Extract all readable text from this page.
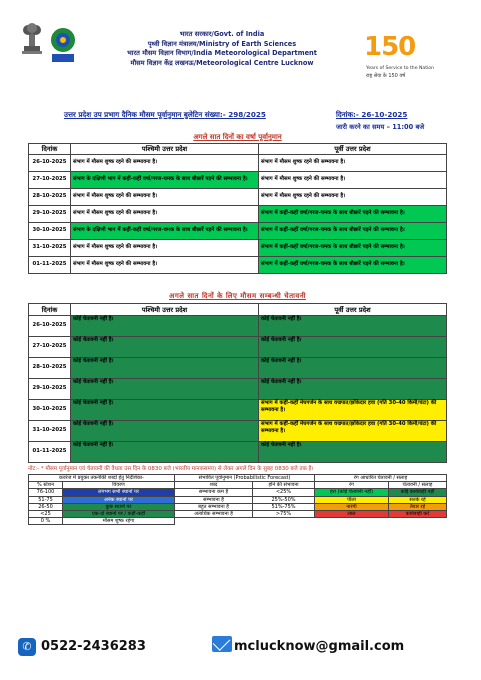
भारत सरकार/Govt. of India
पृथ्वी विज्ञान मंत्रालय/Ministry of Earth Sciences
भारत मौसम विज्ञान विभाग/India Meteorological Department
मौसम विज्ञान केंद्र लखनऊ/Meteorological Centre Lucknow
150
Years of Service to the Nation
राष्ट्र सेवा के 150 वर्ष
उत्तर प्रदेश उप प्रभाग दैनिक मौसम पूर्वानुमान बुलेटिन संख्या:- 298/2025	दिनांक:- 26-10-2025
जारी करने का समय – 11:00 बजे
अगले सात दिनों का वर्षा पूर्वानुमान		
दिनांक	पश्चिमी उत्तर प्रदेश	पूर्वी उत्तर प्रदेश
26-10-2025	संभाग में मौसम शुष्क रहने की सम्भावना है।	संभाग में मौसम शुष्क रहने की सम्भावना है।
27-10-2025	संभाग के दक्षिणी भाग में कहीं-कहीं वर्षा/गरज-चमक के साथ बौछारें पड़ने की सम्भावना है।	संभाग में मौसम शुष्क रहने की सम्भावना है।
28-10-2025	संभाग में मौसम शुष्क रहने की सम्भावना है।	संभाग में मौसम शुष्क रहने की सम्भावना है।
29-10-2025	संभाग में मौसम शुष्क रहने की सम्भावना है।	संभाग में कहीं-कहीं वर्षा/गरज-चमक के साथ बौछारें पड़ने की सम्भावना है।
30-10-2025	संभाग के दक्षिणी भाग में कहीं-कहीं वर्षा/गरज-चमक के साथ बौछारें पड़ने की सम्भावना है।	संभाग में कहीं-कहीं वर्षा/गरज-चमक के साथ बौछारें पड़ने की सम्भावना है।
31-10-2025	संभाग में मौसम शुष्क रहने की सम्भावना है।	संभाग में कहीं-कहीं वर्षा/गरज-चमक के साथ बौछारें पड़ने की सम्भावना है।
01-11-2025	संभाग में मौसम शुष्क रहने की सम्भावना है।	संभाग में कहीं-कहीं वर्षा/गरज-चमक के साथ बौछारें पड़ने की सम्भावना है।
अगले सात दिनों के लिए मौसम सम्बन्धी चेतावनी		
दिनांक	पश्चिमी उत्तर प्रदेश	पूर्वी उत्तर प्रदेश
26-10-2025	कोई चेतावनी नहीं है।	कोई चेतावनी नहीं है।
27-10-2025	कोई चेतावनी नहीं है।	कोई चेतावनी नहीं है।
28-10-2025	कोई चेतावनी नहीं है।	कोई चेतावनी नहीं है।
29-10-2025	कोई चेतावनी नहीं है।	कोई चेतावनी नहीं है।
30-10-2025	कोई चेतावनी नहीं है।	संभाग में कहीं-कहीं मेघगर्जन के साथ वज्रपात/झोंकेदार हवा (गति 30-40 किमी/घंटा) की सम्भावना है।
31-10-2025	कोई चेतावनी नहीं है।	संभाग में कहीं-कहीं मेघगर्जन के साथ वज्रपात/झोंकेदार हवा (गति 30-40 किमी/घंटा) की सम्भावना है।
01-11-2025	कोई चेतावनी नहीं है।	कोई चेतावनी नहीं है।
नोट:- * मौसम पूर्वानुमान एवं चेतावनी की वैधता उस दिन के 0830 बजे (भारतीय मानकसमय) से लेकर अगले दिन के सुबह 0830 बजे तक है।
कवरेज में प्रयुक्त तकनीकी शब्दों हेतु निर्देशिका-		संभावित पूर्वानुमान (Probabilistic Forecast)		रंग आधारित चेतावनी / सलाह	
% स्टेशन	विवरण	शब्द	होने की संभावना	रंग	चेतावनी / सलाह
76-100	लगभग सभी स्थानों पर	सम्भावना कम है	<25%	हरा (कोई चेतावनी नहीं)	कोई कार्यवाही नहीं
51-75	अनेक स्थानों पर	सम्भावना है	25%-50%	पीला	सतर्क रहें
26-50	कुछ स्थानों पर	बहुत सम्भावना है	51%-75%	नारंगी	तैयार रहें
<25	एक-दो स्थानों पर / कहीं-कहीं	अत्यधिक सम्भावना है	>75%	लाल	कार्यवाही करें
0 %	मौसम शुष्क रहेगा				
✆ 0522-2436283	mclucknow@gmail.com
